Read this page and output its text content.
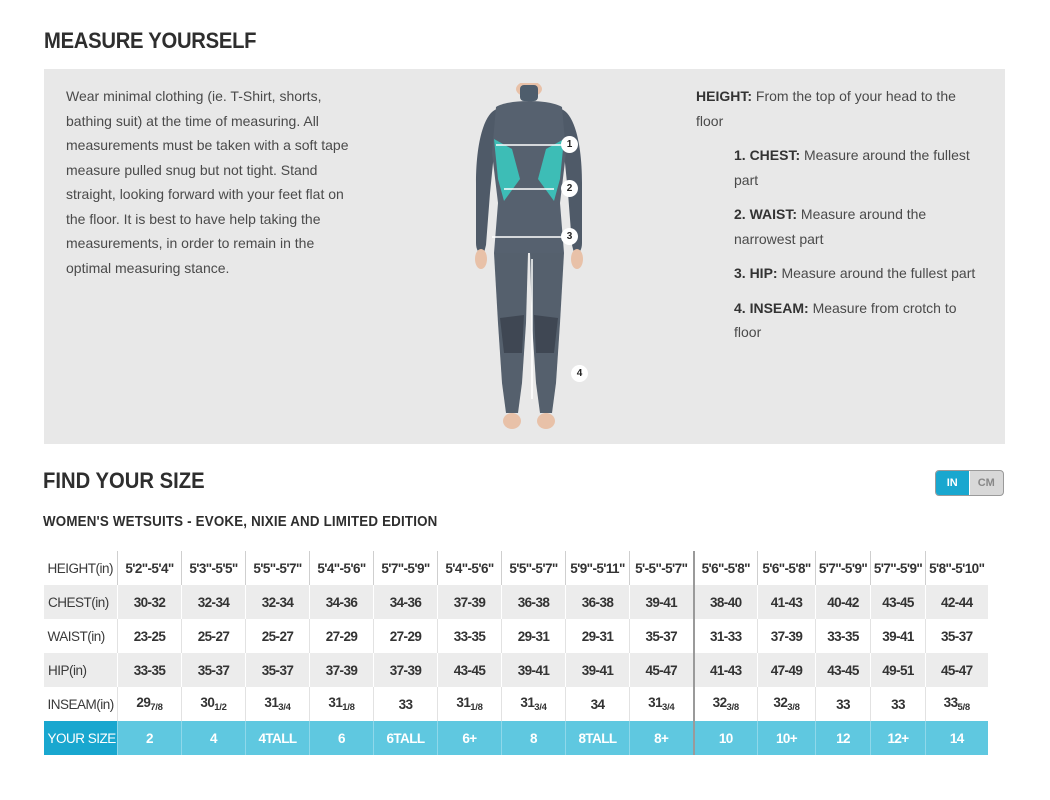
MEASURE YOURSELF
Wear minimal clothing (ie. T-Shirt, shorts, bathing suit) at the time of measuring. All measurements must be taken with a soft tape measure pulled snug but not tight. Stand straight, looking forward with your feet flat on the floor. It is best to have help taking the measurements, in order to remain in the optimal measuring stance.
1
2
3
4
HEIGHT: From the top of your head to the floor
1. CHEST: Measure around the fullest part
2. WAIST: Measure around the narrowest part
3. HIP: Measure around the fullest part
4. INSEAM: Measure from crotch to floor
FIND YOUR SIZE	IN	CM
WOMEN'S WETSUITS - EVOKE, NIXIE AND LIMITED EDITION
HEIGHT(in)	5'2"-5'4"	5'3"-5'5"	5'5"-5'7"	5'4"-5'6"	5'7"-5'9"	5'4"-5'6"	5'5"-5'7"	5'9"-5'11"	5'-5"-5'7"	5'6"-5'8"	5'6"-5'8"	5'7"-5'9"	5'7"-5'9"	5'8"-5'10"
CHEST(in)	30-32	32-34	32-34	34-36	34-36	37-39	36-38	36-38	39-41	38-40	41-43	40-42	43-45	42-44
WAIST(in)	23-25	25-27	25-27	27-29	27-29	33-35	29-31	29-31	35-37	31-33	37-39	33-35	39-41	35-37
HIP(in)	33-35	35-37	35-37	37-39	37-39	43-45	39-41	39-41	45-47	41-43	47-49	43-45	49-51	45-47
INSEAM(in)	$29_{7/8}$	$30_{1/2}$	$31_{3/4}$	$31_{1/8}$	33	$31_{1/8}$	$31_{3/4}$	34	$31_{3/4}$	$32_{3/8}$	$32_{3/8}$	33	33	$33_{5/8}$
YOUR SIZE	2	4	4TALL	6	6TALL	6+	8	8TALL	8+	10	10+	12	12+	14
